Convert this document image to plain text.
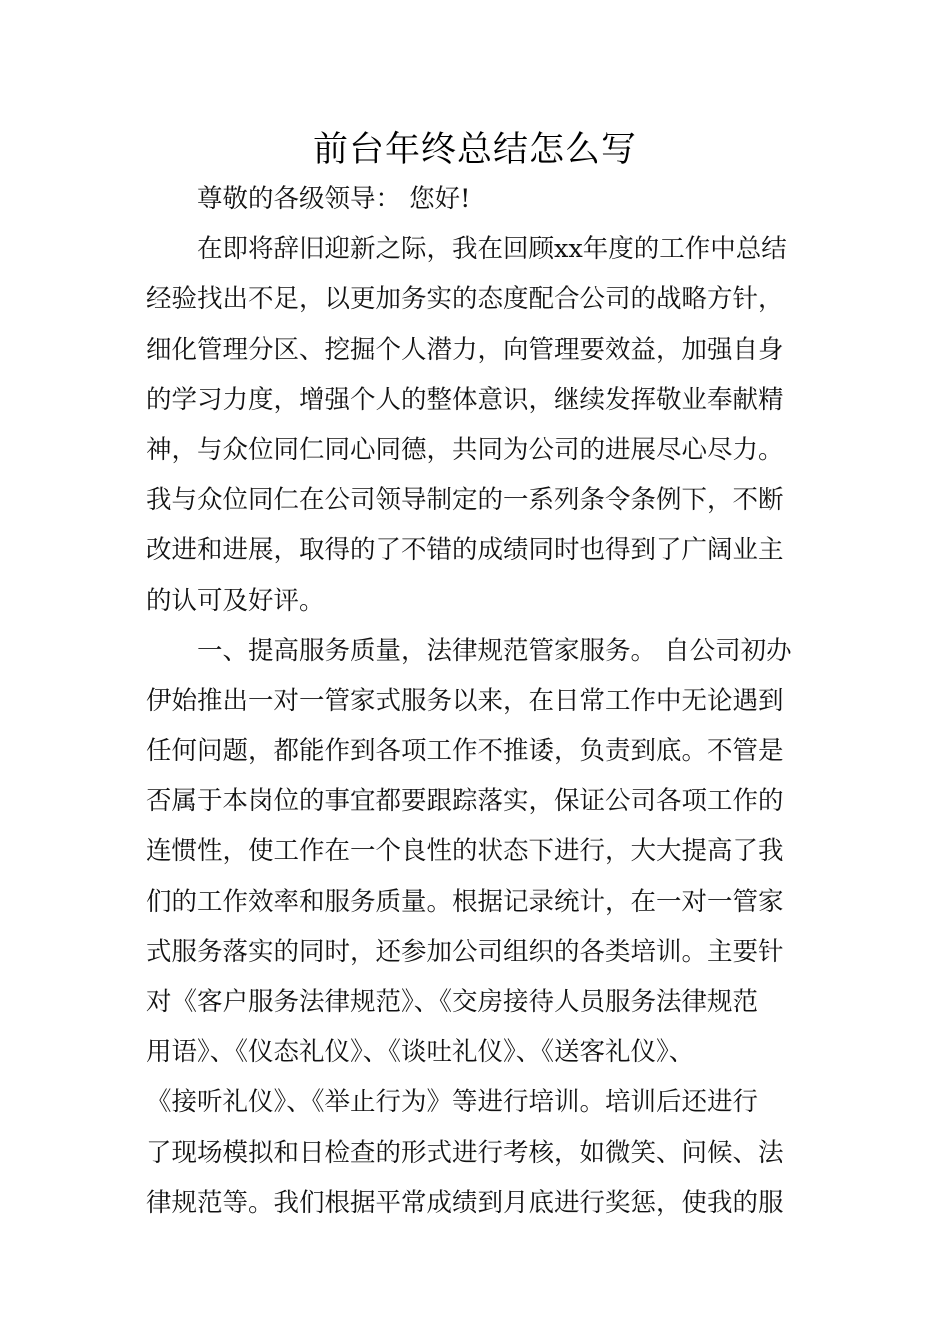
前台年终总结怎么写
尊敬的各级领导： 您好!
在即将辞旧迎新之际，我在回顾xx年度的工作中总结
经验找出不足，以更加务实的态度配合公司的战略方针，
细化管理分区、挖掘个人潜力，向管理要效益，加强自身
的学习力度，增强个人的整体意识，继续发挥敬业奉献精
神，与众位同仁同心同德，共同为公司的进展尽心尽力。
我与众位同仁在公司领导制定的一系列条令条例下，不断
改进和进展，取得的了不错的成绩同时也得到了广阔业主
的认可及好评。
一、提高服务质量，法律规范管家服务。 自公司初办
伊始推出一对一管家式服务以来，在日常工作中无论遇到
任何问题，都能作到各项工作不推诿，负责到底。不管是
否属于本岗位的事宜都要跟踪落实，保证公司各项工作的
连惯性，使工作在一个良性的状态下进行，大大提高了我
们的工作效率和服务质量。根据记录统计，在一对一管家
式服务落实的同时，还参加公司组织的各类培训。主要针
对《客户服务法律规范》、《交房接待人员服务法律规范
用语》、《仪态礼仪》、《谈吐礼仪》、《送客礼仪》、
《接听礼仪》、《举止行为》等进行培训。培训后还进行
了现场模拟和日检查的形式进行考核，如微笑、问候、法
律规范等。我们根据平常成绩到月底进行奖惩，使我的服
